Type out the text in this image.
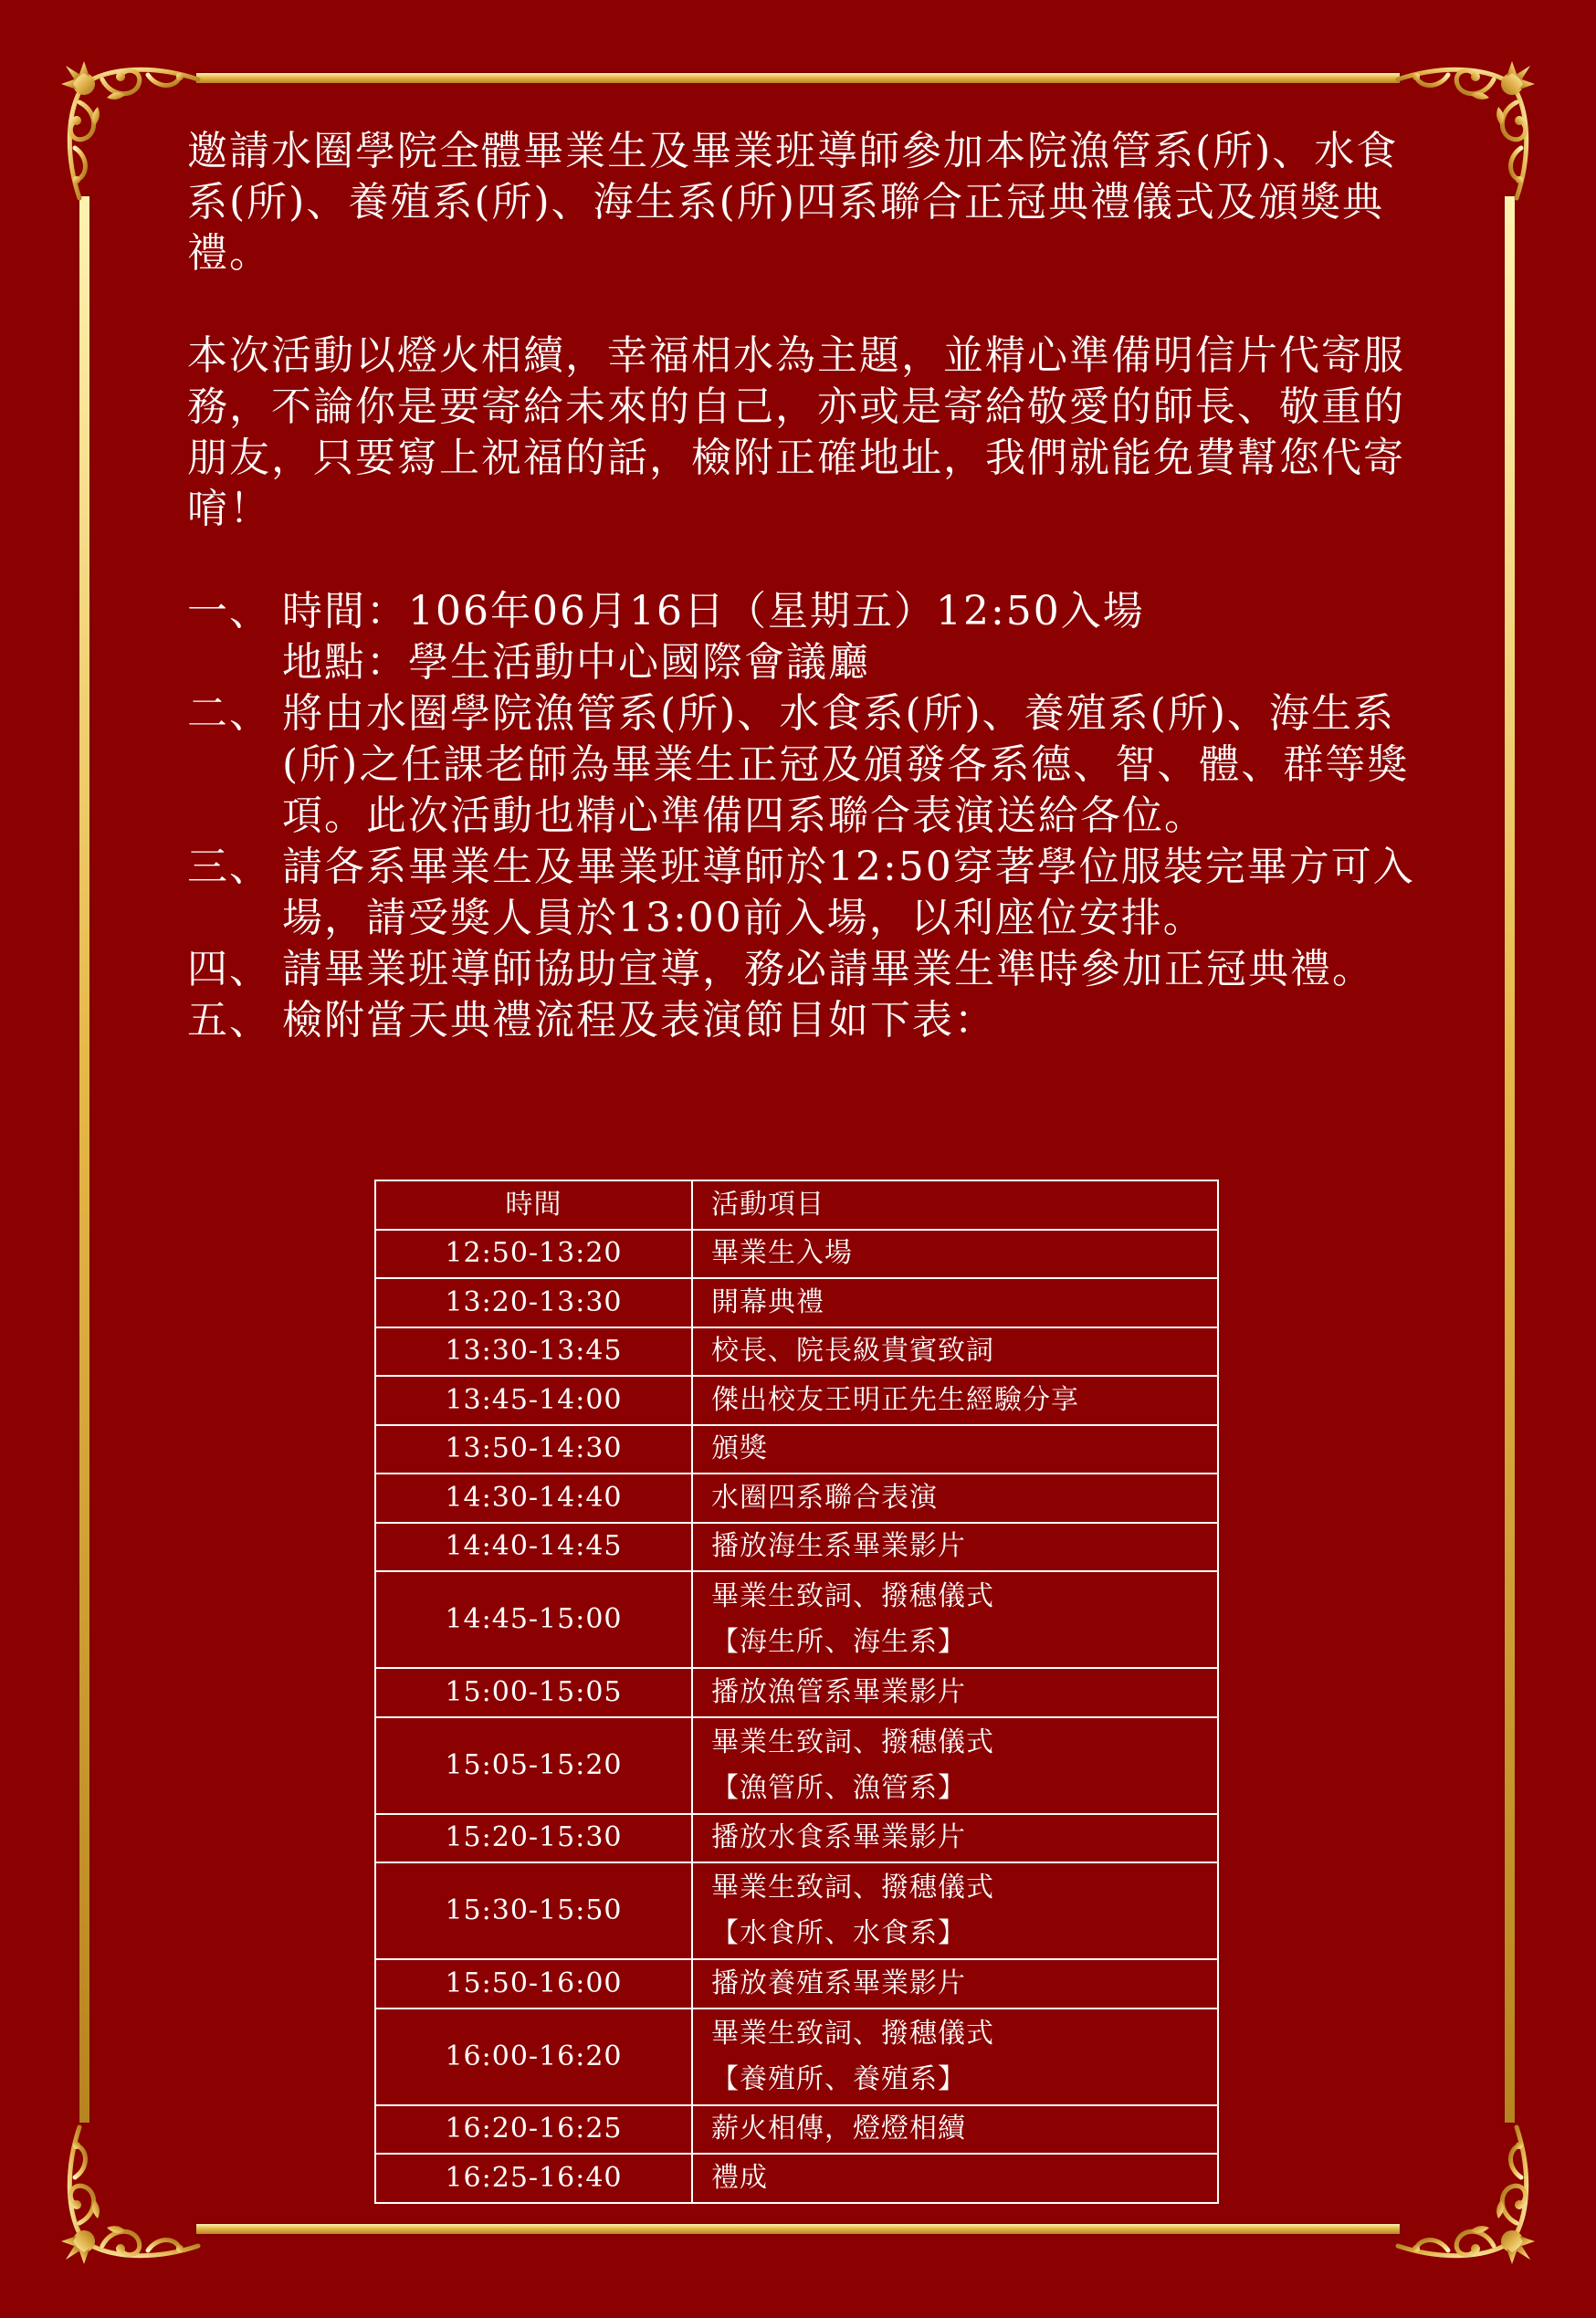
邀請水圈學院全體畢業生及畢業班導師參加本院漁管系(所)、水食系(所)、養殖系(所)、海生系(所)四系聯合正冠典禮儀式及頒獎典禮。

本次活動以燈火相續，幸福相水為主題，並精心準備明信片代寄服務，不論你是要寄給未來的自己，亦或是寄給敬愛的師長、敬重的朋友，只要寫上祝福的話，檢附正確地址，我們就能免費幫您代寄唷！

一、 時間：106年06月16日（星期五）12:50入場

地點：學生活動中心國際會議廳

二、 將由水圈學院漁管系(所)、水食系(所)、養殖系(所)、海生系(所)之任課老師為畢業生正冠及頒發各系德、智、體、群等獎項。此次活動也精心準備四系聯合表演送給各位。

三、 請各系畢業生及畢業班導師於12:50穿著學位服裝完畢方可入場，請受獎人員於13:00前入場，以利座位安排。

四、 請畢業班導師協助宣導，務必請畢業生準時參加正冠典禮。

五、 檢附當天典禮流程及表演節目如下表：

時間	活動項目
12:50-13:20	畢業生入場

13:20-13:30	開幕典禮

13:30-13:45	校長、院長級貴賓致詞

13:45-14:00	傑出校友王明正先生經驗分享

13:50-14:30	頒獎

14:30-14:40	水圈四系聯合表演

14:40-14:45	播放海生系畢業影片

14:45-15:00	畢業生致詞、撥穗儀式
【海生所、海生系】

15:00-15:05	播放漁管系畢業影片

15:05-15:20	畢業生致詞、撥穗儀式
【漁管所、漁管系】

15:20-15:30	播放水食系畢業影片

15:30-15:50	畢業生致詞、撥穗儀式
【水食所、水食系】

15:50-16:00	播放養殖系畢業影片

16:00-16:20	畢業生致詞、撥穗儀式
【養殖所、養殖系】

16:20-16:25	薪火相傳，燈燈相續

16:25-16:40	禮成
